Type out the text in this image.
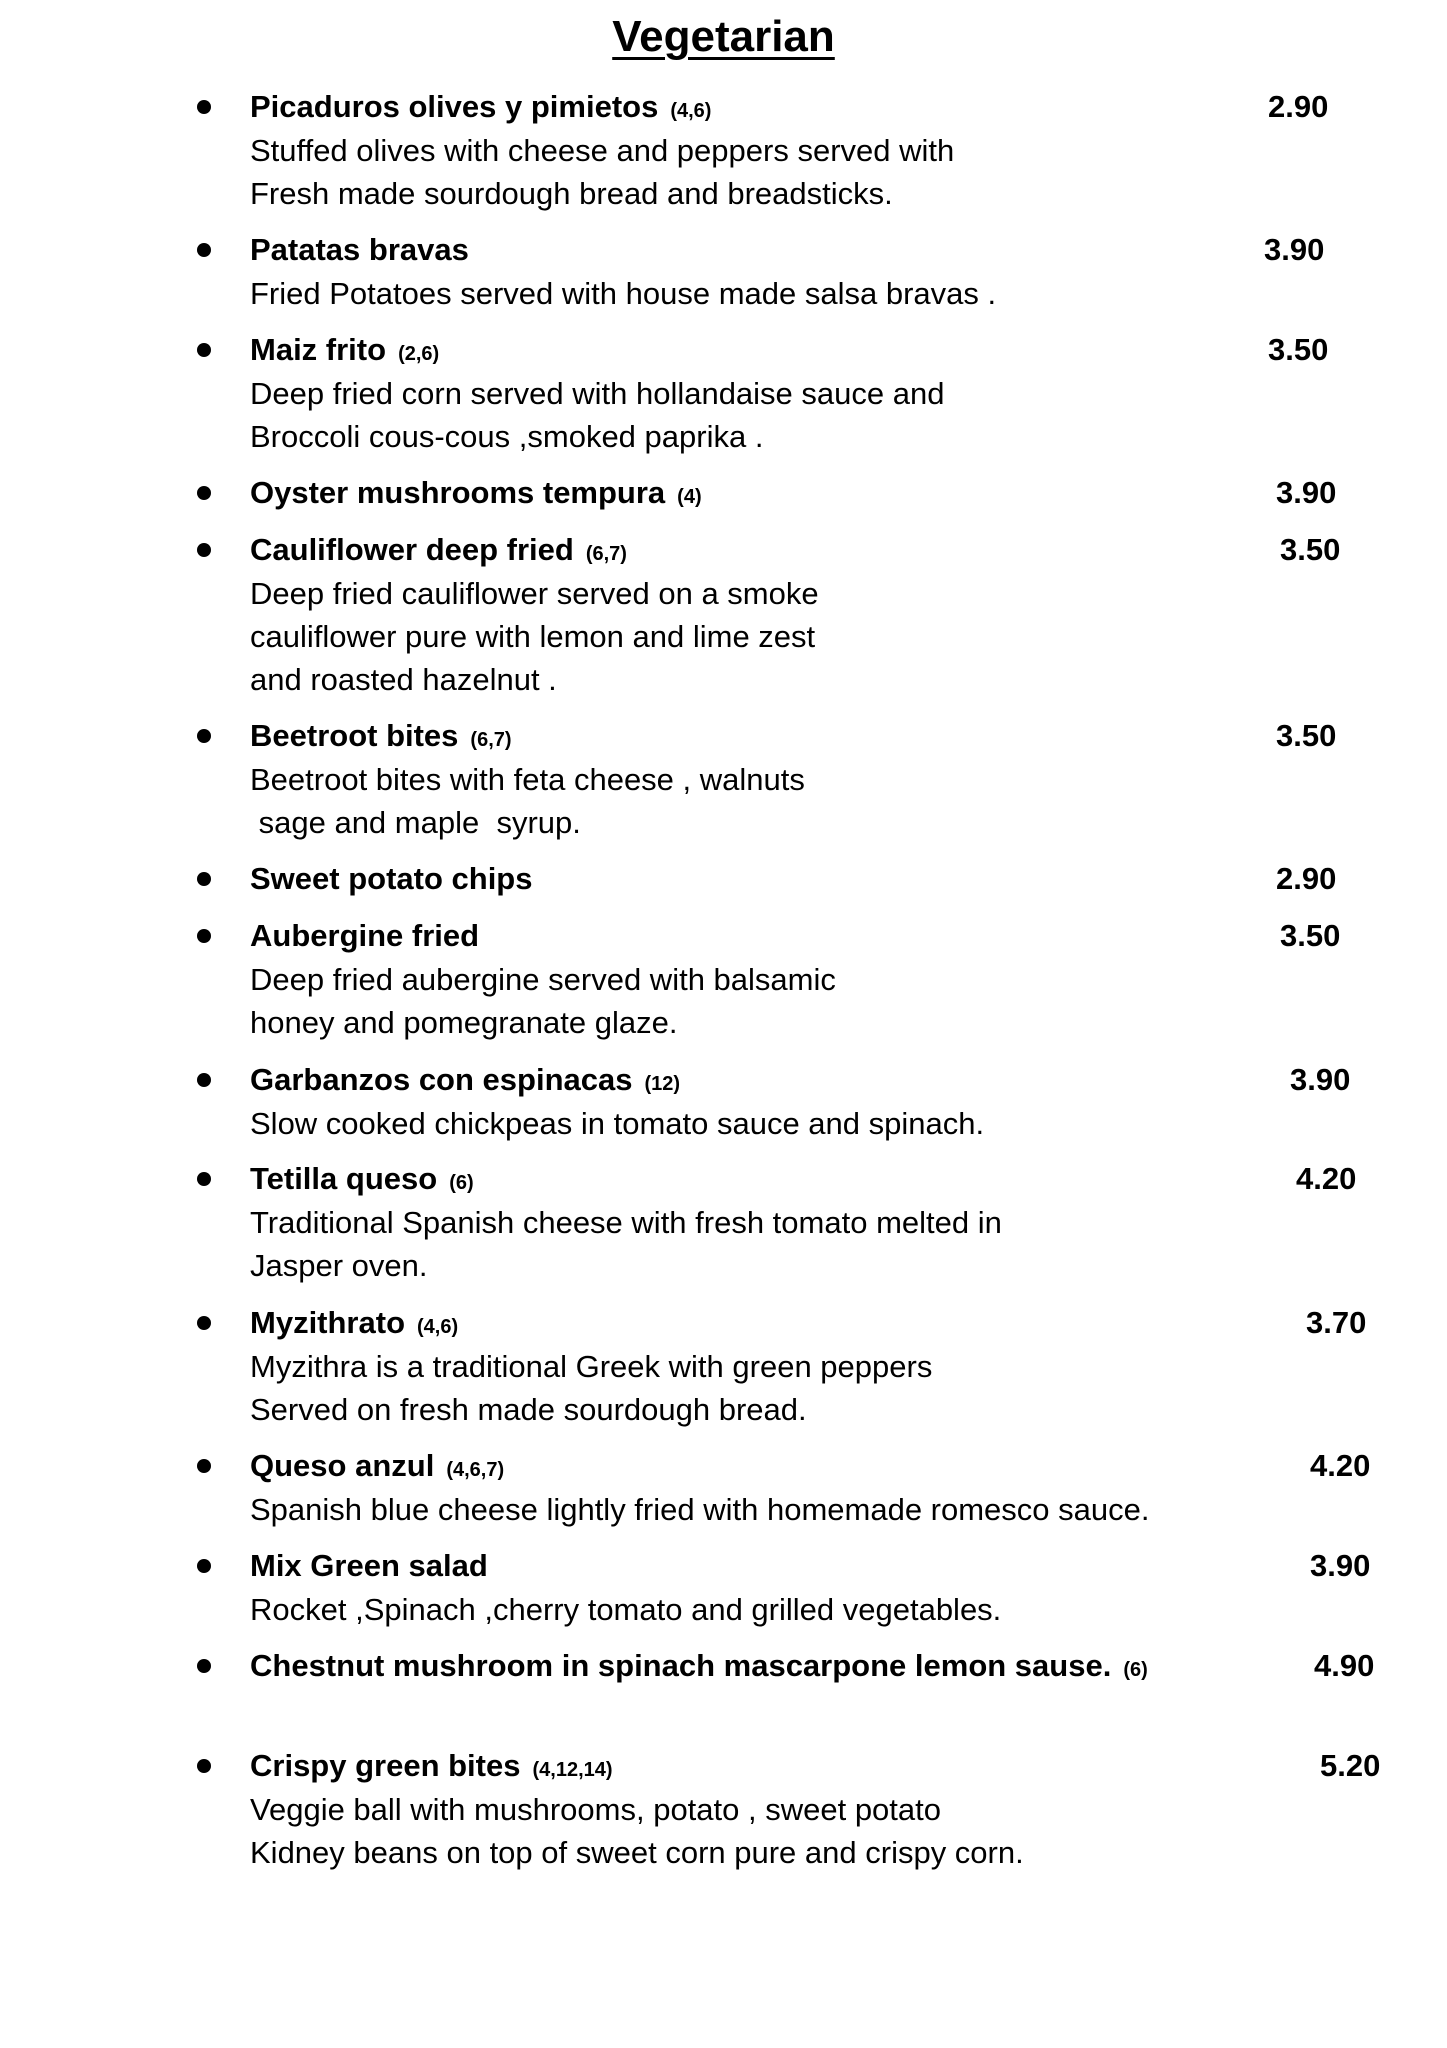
Vegetarian
Picaduros olives y pimietos (4,6)	2.90
Stuffed olives with cheese and peppers served with
Fresh made sourdough bread and breadsticks.
Patatas bravas	3.90
Fried Potatoes served with house made salsa bravas .
Maiz frito (2,6)	3.50
Deep fried corn served with hollandaise sauce and
Broccoli cous-cous ,smoked paprika .
Oyster mushrooms tempura (4)	3.90
Cauliflower deep fried (6,7)	3.50
Deep fried cauliflower served on a smoke
cauliflower pure with lemon and lime zest
and roasted hazelnut .
Beetroot bites (6,7)	3.50
Beetroot bites with feta cheese , walnuts
sage and maple  syrup.
Sweet potato chips	2.90
Aubergine fried	3.50
Deep fried aubergine served with balsamic
honey and pomegranate glaze.
Garbanzos con espinacas (12)	3.90
Slow cooked chickpeas in tomato sauce and spinach.
Tetilla queso (6)	4.20
Traditional Spanish cheese with fresh tomato melted in
Jasper oven.
Myzithrato (4,6)	3.70
Myzithra is a traditional Greek with green peppers
Served on fresh made sourdough bread.
Queso anzul (4,6,7)	4.20
Spanish blue cheese lightly fried with homemade romesco sauce.
Mix Green salad	3.90
Rocket ,Spinach ,cherry tomato and grilled vegetables.
Chestnut mushroom in spinach mascarpone lemon sause. (6)	4.90
Crispy green bites (4,12,14)	5.20
Veggie ball with mushrooms, potato , sweet potato
Kidney beans on top of sweet corn pure and crispy corn.
